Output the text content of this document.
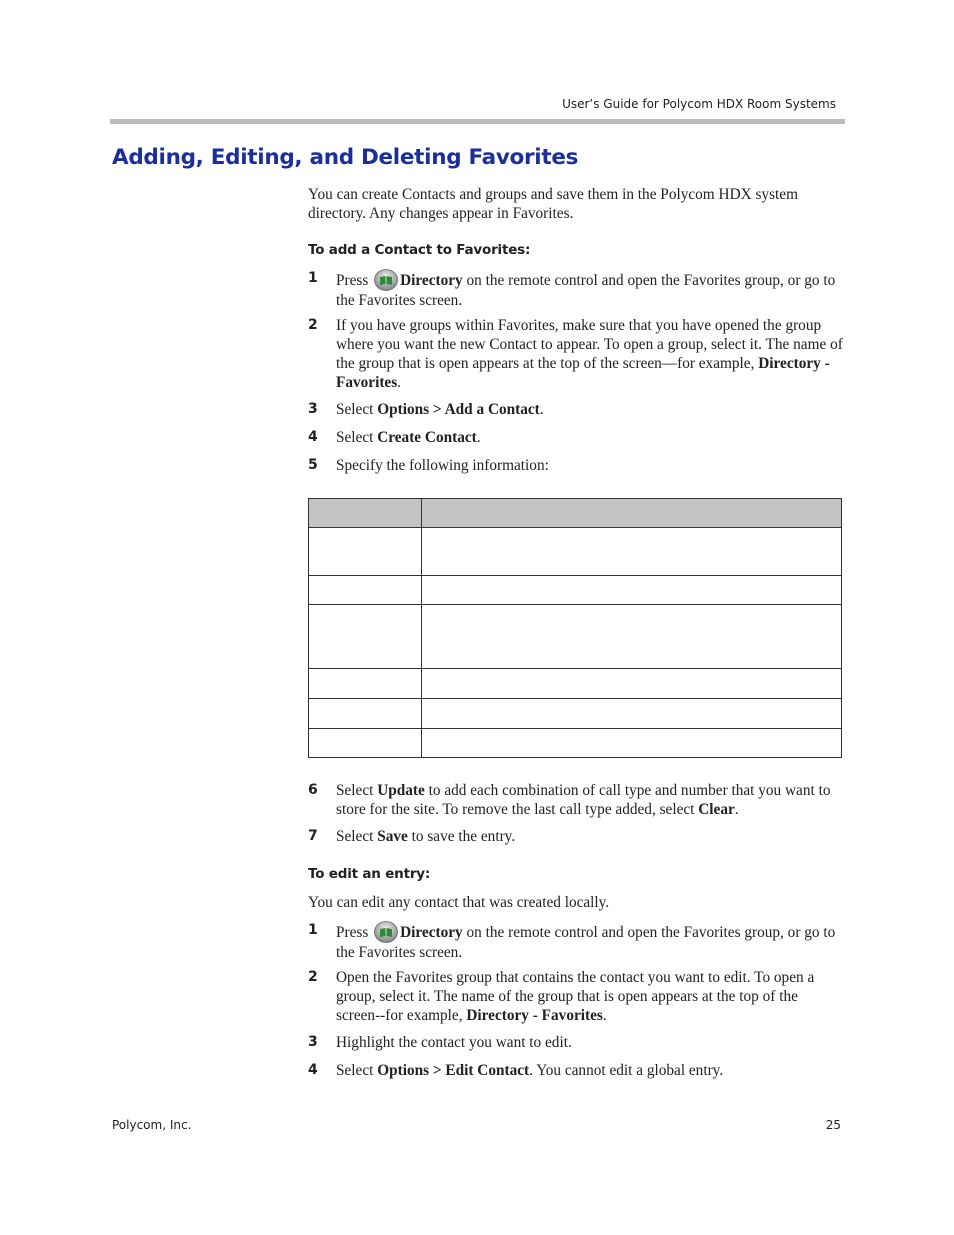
User’s Guide for Polycom HDX Room Systems
Adding, Editing, and Deleting Favorites
You can create Contacts and groups and save them in the Polycom HDX system directory. Any changes appear in Favorites.
To add a Contact to Favorites:
1 Press Directory on the remote control and open the Favorites group, or go to the Favorites screen.
2 If you have groups within Favorites, make sure that you have opened the group where you want the new Contact to appear. To open a group, select it. The name of the group that is open appears at the top of the screen—for example, Directory - Favorites.
3 Select Options > Add a Contact.
4 Select Create Contact.
5 Specify the following information:

6 Select Update to add each combination of call type and number that you want to store for the site. To remove the last call type added, select Clear.
7 Select Save to save the entry.
To edit an entry:
You can edit any contact that was created locally.
1 Press Directory on the remote control and open the Favorites group, or go to the Favorites screen.
2 Open the Favorites group that contains the contact you want to edit. To open a group, select it. The name of the group that is open appears at the top of the screen--for example, Directory - Favorites.
3 Highlight the contact you want to edit.
4 Select Options > Edit Contact. You cannot edit a global entry.
Polycom, Inc.	25
